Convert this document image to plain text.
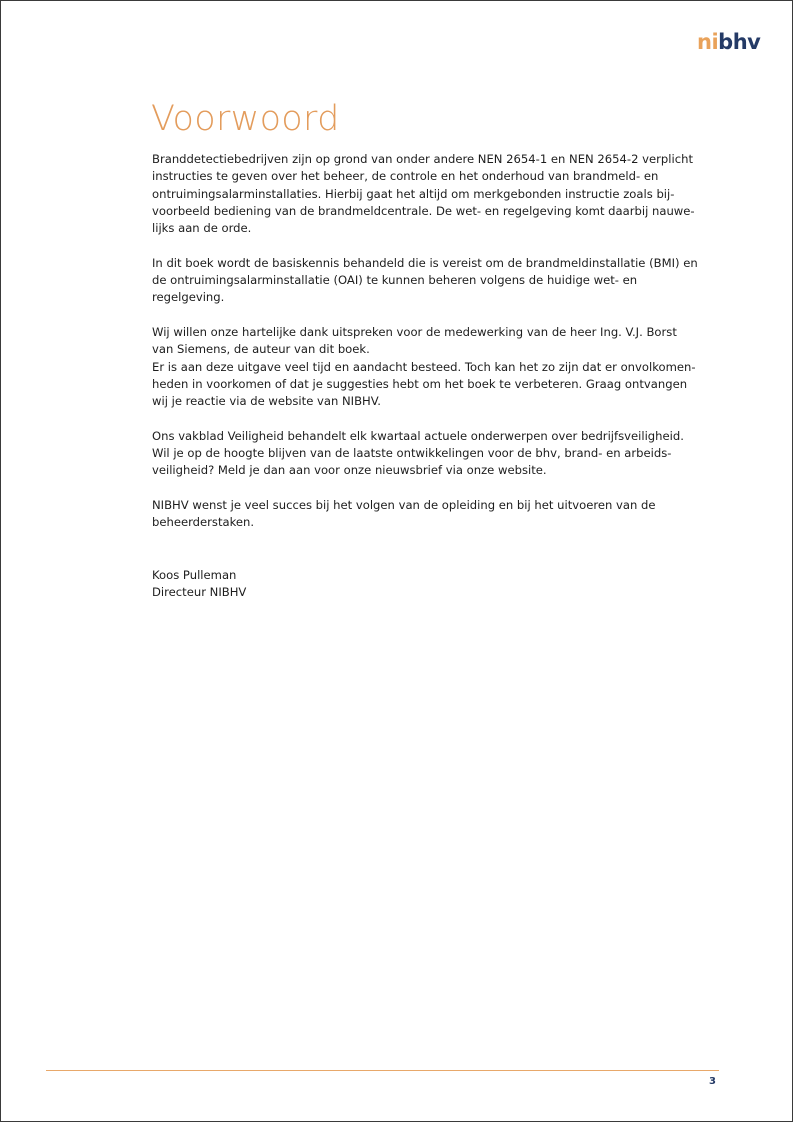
nibhv
Voorwoord

Branddetectiebedrijven zijn op grond van onder andere NEN 2654-1 en NEN 2654-2 verplicht
instructies te geven over het beheer, de controle en het onderhoud van brandmeld- en
ontruimingsalarminstallaties. Hierbij gaat het altijd om merkgebonden instructie zoals bij-
voorbeeld bediening van de brandmeldcentrale. De wet- en regelgeving komt daarbij nauwe-
lijks aan de orde.

In dit boek wordt de basiskennis behandeld die is vereist om de brandmeldinstallatie (BMI) en
de ontruimingsalarminstallatie (OAI) te kunnen beheren volgens de huidige wet- en
regelgeving.

Wij willen onze hartelijke dank uitspreken voor de medewerking van de heer Ing. V.J. Borst
van Siemens, de auteur van dit boek.
Er is aan deze uitgave veel tijd en aandacht besteed. Toch kan het zo zijn dat er onvolkomen-
heden in voorkomen of dat je suggesties hebt om het boek te verbeteren. Graag ontvangen
wij je reactie via de website van NIBHV.

Ons vakblad Veiligheid behandelt elk kwartaal actuele onderwerpen over bedrijfsveiligheid.
Wil je op de hoogte blijven van de laatste ontwikkelingen voor de bhv, brand- en arbeids-
veiligheid? Meld je dan aan voor onze nieuwsbrief via onze website.

NIBHV wenst je veel succes bij het volgen van de opleiding en bij het uitvoeren van de
beheerderstaken.

Koos Pulleman
Directeur NIBHV
3
